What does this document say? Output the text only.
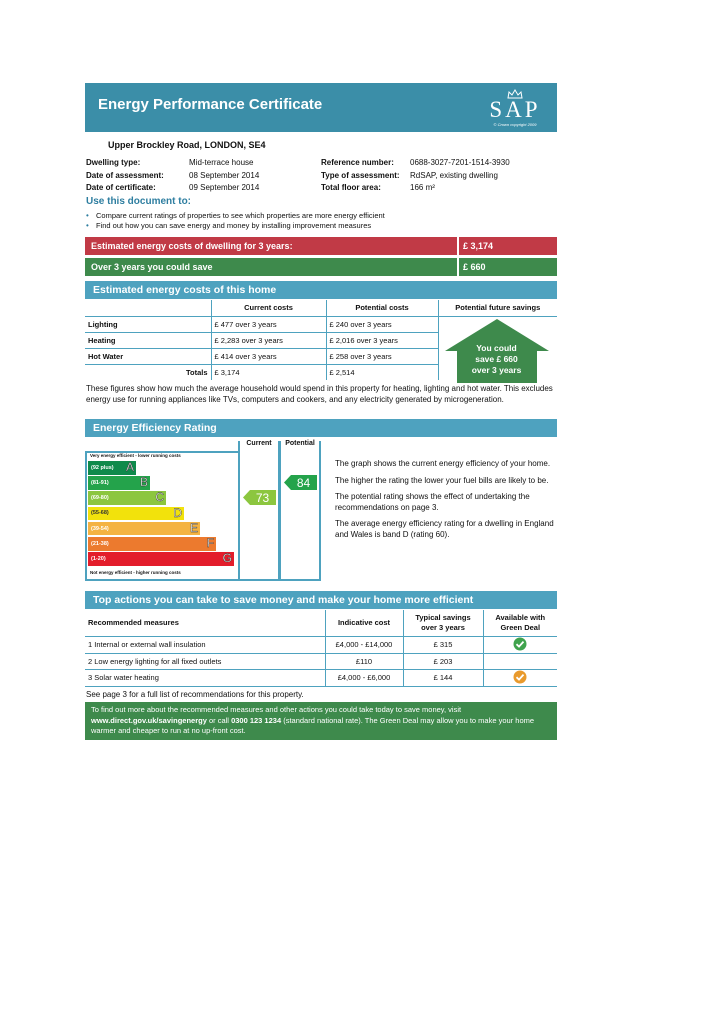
Energy Performance Certificate	SAP
© Crown copyright 2009
Upper Brockley Road, LONDON, SE4
Dwelling type:	Mid-terrace house
Date of assessment:	08 September 2014
Date of certificate:	09 September 2014
Reference number:	0688-3027-7201-1514-3930
Type of assessment:	RdSAP, existing dwelling
Total floor area:	166 m²
Use this document to:
• Compare current ratings of properties to see which properties are more energy efficient
• Find out how you can save energy and money by installing improvement measures
Estimated energy costs of dwelling for 3 years:	£ 3,174
Over 3 years you could save	£ 660
Estimated energy costs of this home
	Current costs	Potential costs	Potential future savings
Lighting	£ 477 over 3 years	£ 240 over 3 years	You could
save £ 660
over 3 years

Heating	£ 2,283 over 3 years	£ 2,016 over 3 years	
Hot Water	£ 414 over 3 years	£ 258 over 3 years	
Totals	£ 3,174	£ 2,514	
These figures show how much the average household would spend in this property for heating, lighting and hot water. This excludes energy use for running appliances like TVs, computers and cookers, and any electricity generated by microgeneration.
Energy Efficiency Rating
Current	Potential
Very energy efficient - lower running costs
(92 plus) A
(81-91)	B
(69-80)	C
(55-68)	D
(39-54)	E
(21-38)	F
(1-20)	G
Not energy efficient - higher running costs
73
84

The graph shows the current energy efficiency of your home.

The higher the rating the lower your fuel bills are likely to be.

The potential rating shows the effect of undertaking the recommendations on page 3.

The average energy efficiency rating for a dwelling in England and Wales is band D (rating 60).

Top actions you can take to save money and make your home more efficient
Recommended measures	Indicative cost	Typical savings over 3 years	Available with Green Deal
1 Internal or external wall insulation	£4,000 - £14,000	£ 315	
2 Low energy lighting for all fixed outlets	£110	£ 203	
3 Solar water heating	£4,000 - £6,000	£ 144	
See page 3 for a full list of recommendations for this property.
To find out more about the recommended measures and other actions you could take today to save money, visit
www.direct.gov.uk/savingenergy or call 0300 123 1234 (standard national rate). The Green Deal may allow you to make your home warmer and cheaper to run at no up-front cost.
